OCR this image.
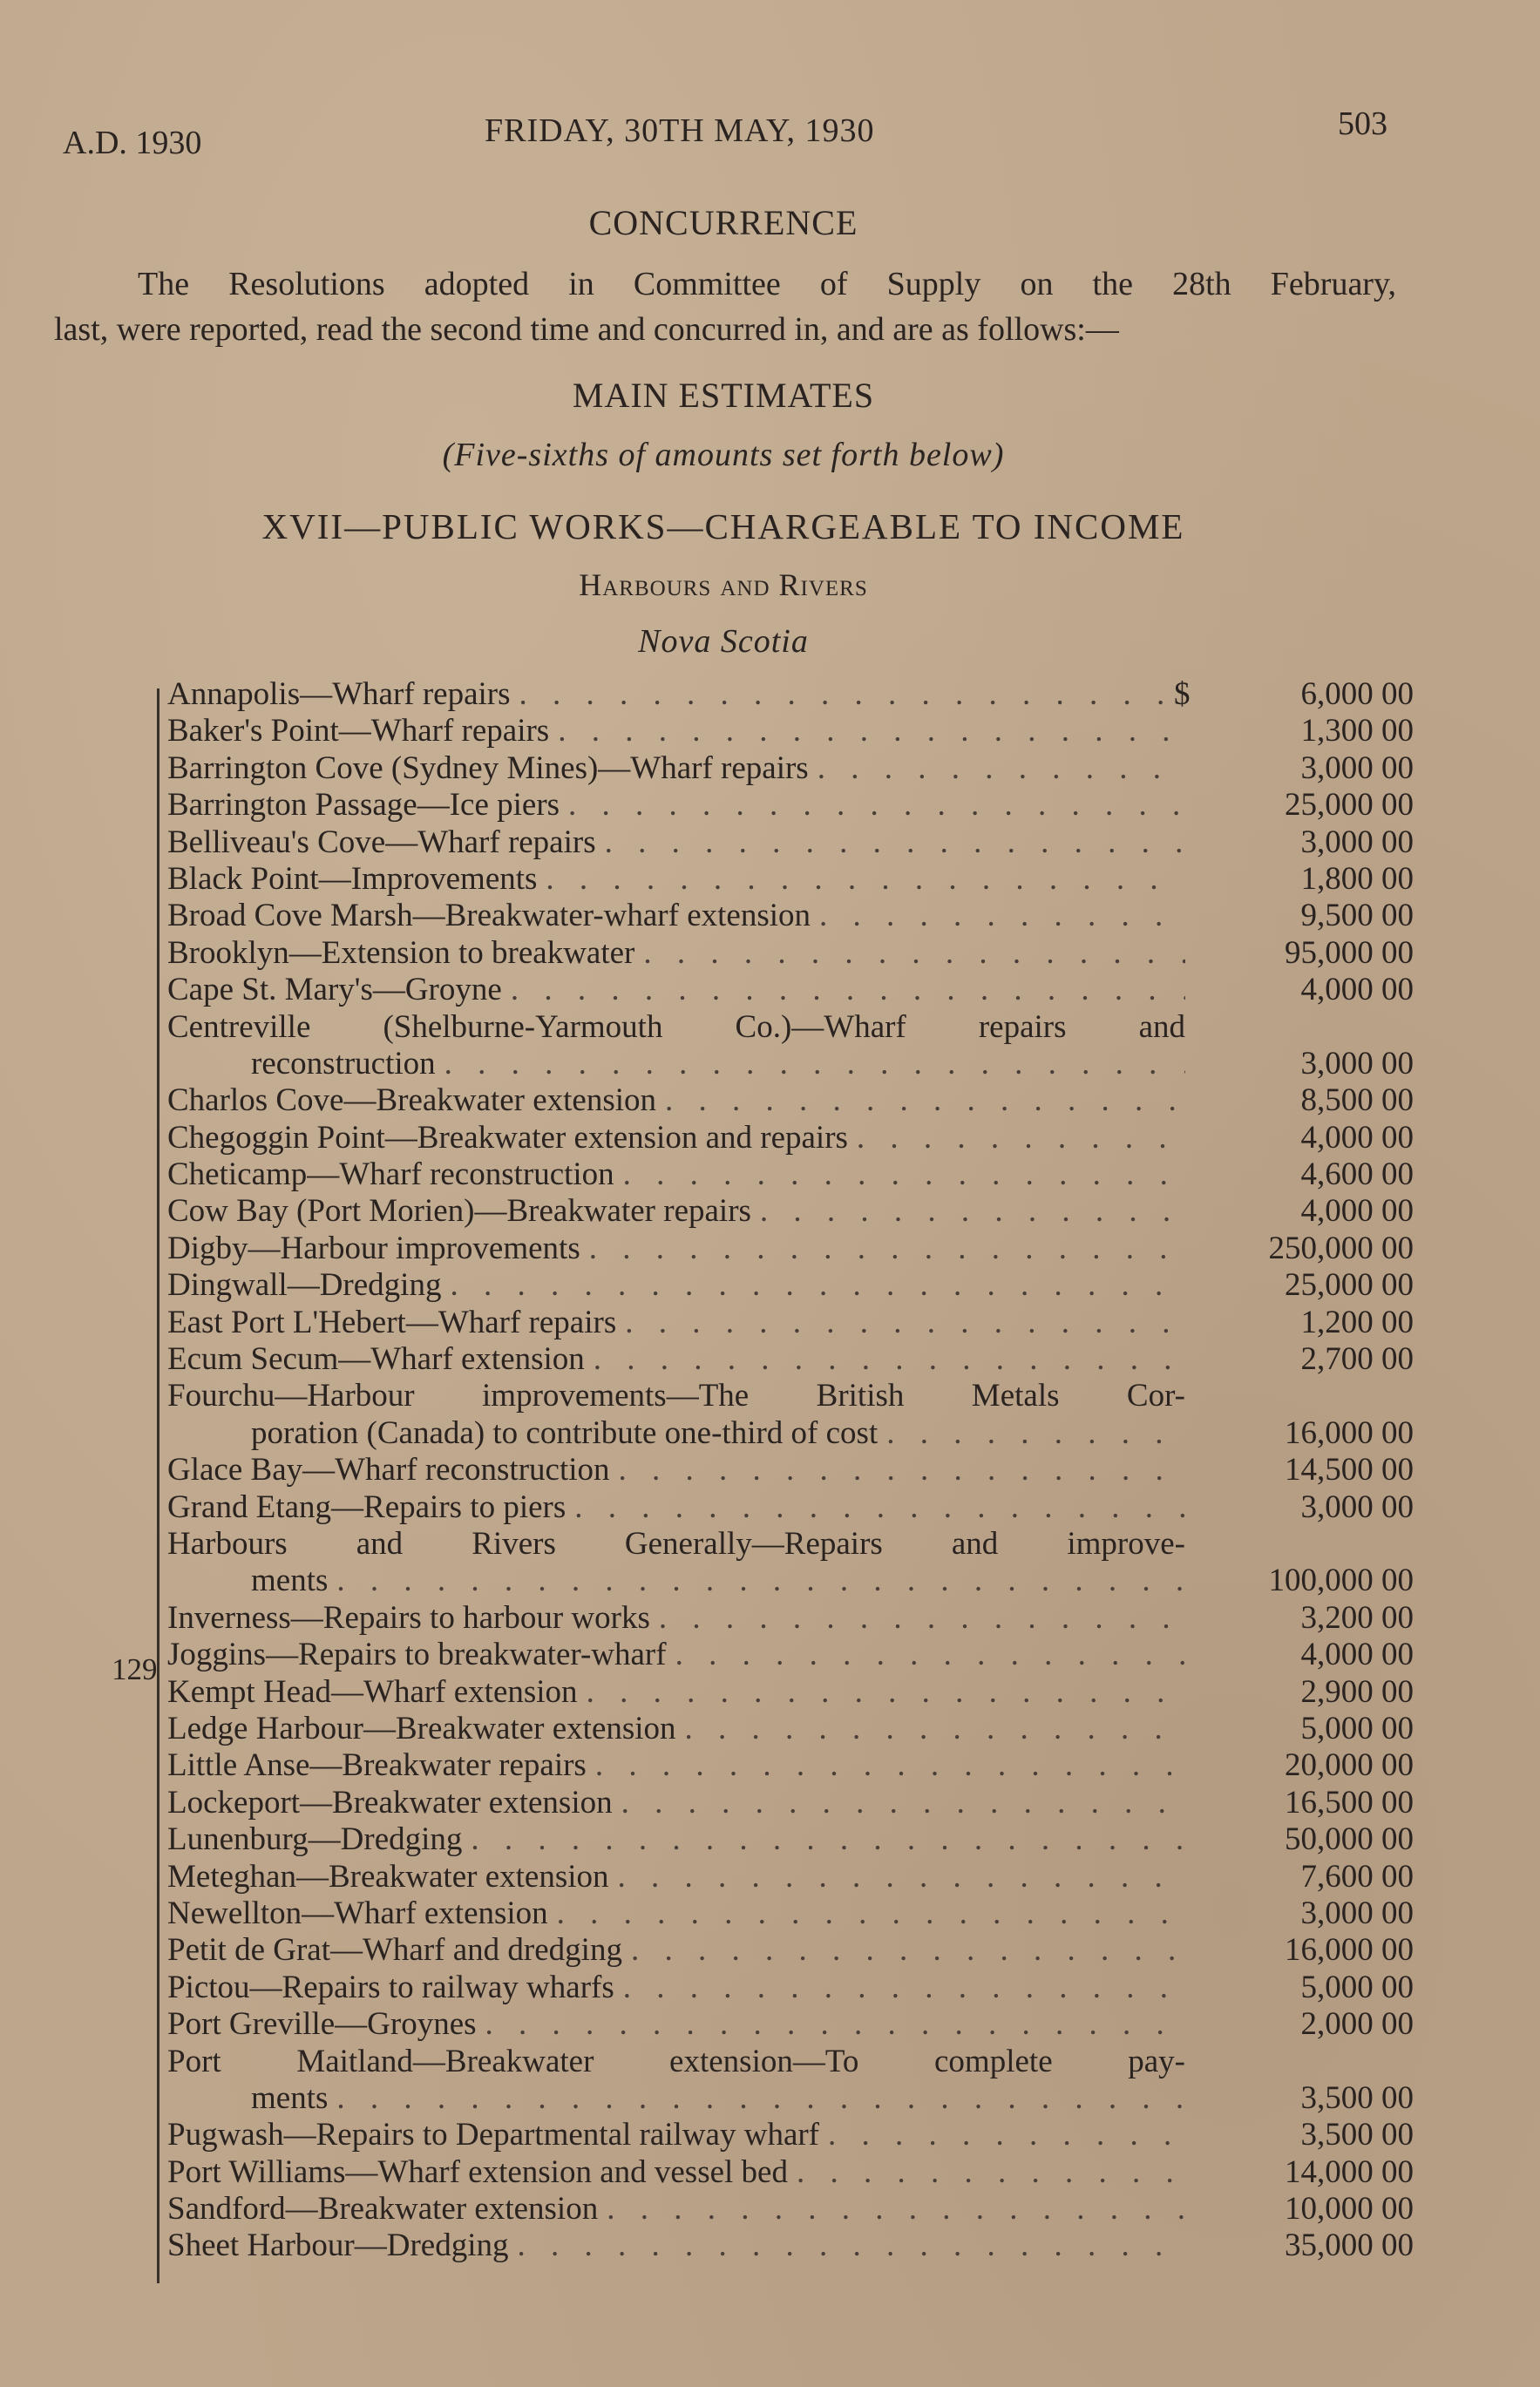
A.D. 1930	FRIDAY, 30TH MAY, 1930	503
CONCURRENCE
The Resolutions adopted in Committee of Supply on the 28th February,
last, were reported, read the second time and concurred in, and are as follows:—
MAIN ESTIMATES
(Five-sixths of amounts set forth below)
XVII—PUBLIC WORKS—CHARGEABLE TO INCOME
Harbours and Rivers
Nova Scotia
129
Annapolis—Wharf repairs . . .	$	6,000 00
Baker's Point—Wharf repairs . . .	1,300 00
Barrington Cove (Sydney Mines)—Wharf repairs . . .	3,000 00
Barrington Passage—Ice piers . . .	25,000 00
Belliveau's Cove—Wharf repairs . . .	3,000 00
Black Point—Improvements . . .	1,800 00
Broad Cove Marsh—Breakwater-wharf extension . . .	9,500 00
Brooklyn—Extension to breakwater . . .	95,000 00
Cape St. Mary's—Groyne . . .	4,000 00
Centreville (Shelburne-Yarmouth Co.)—Wharf repairs and
reconstruction . . .	3,000 00
Charlos Cove—Breakwater extension . . .	8,500 00
Chegoggin Point—Breakwater extension and repairs . . .	4,000 00
Cheticamp—Wharf reconstruction . . .	4,600 00
Cow Bay (Port Morien)—Breakwater repairs . . .	4,000 00
Digby—Harbour improvements . . .	250,000 00
Dingwall—Dredging . . .	25,000 00
East Port L'Hebert—Wharf repairs . . .	1,200 00
Ecum Secum—Wharf extension . . .	2,700 00
Fourchu—Harbour improvements—The British Metals Cor-
poration (Canada) to contribute one-third of cost . . .	16,000 00
Glace Bay—Wharf reconstruction . . .	14,500 00
Grand Etang—Repairs to piers . . .	3,000 00
Harbours and Rivers Generally—Repairs and improve-
ments . . .	100,000 00
Inverness—Repairs to harbour works . . .	3,200 00
Joggins—Repairs to breakwater-wharf . . .	4,000 00
Kempt Head—Wharf extension . . .	2,900 00
Ledge Harbour—Breakwater extension . . .	5,000 00
Little Anse—Breakwater repairs . . .	20,000 00
Lockeport—Breakwater extension . . .	16,500 00
Lunenburg—Dredging . . .	50,000 00
Meteghan—Breakwater extension . . .	7,600 00
Newellton—Wharf extension . . .	3,000 00
Petit de Grat—Wharf and dredging . . .	16,000 00
Pictou—Repairs to railway wharfs . . .	5,000 00
Port Greville—Groynes . . .	2,000 00
Port Maitland—Breakwater extension—To complete pay-
ments . . .	3,500 00
Pugwash—Repairs to Departmental railway wharf . . .	3,500 00
Port Williams—Wharf extension and vessel bed . . .	14,000 00
Sandford—Breakwater extension . . .	10,000 00
Sheet Harbour—Dredging . . .	35,000 00
